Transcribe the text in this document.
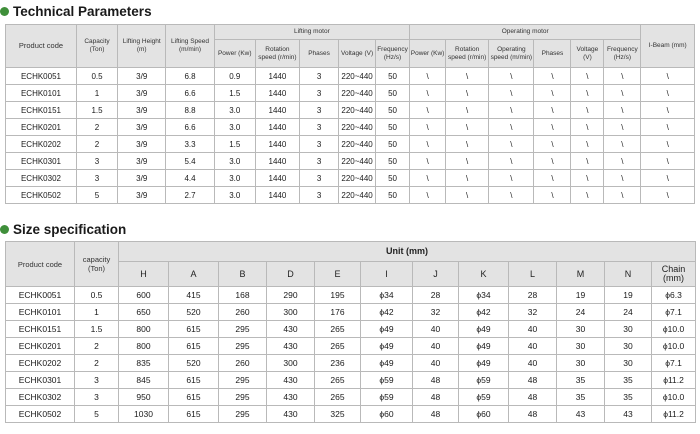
Technical Parameters
Product code	Capacity (Ton)	Lifting Height (m)	Lifting Speed (m/min)	Lifting motor					Operating motor						I-Beam (mm)
				Power (Kw)	Rotation speed (r/min)	Phases	Voltage (V)	Frequency (Hz/s)	Power (Kw)	Rotation speed (r/min)	Operating speed (m/min)	Phases	Voltage (V)	Frequency (Hz/s)	
ECHK0051	0.5	3/9	6.8	0.9	1440	3	220~440	50	\	\	\	\	\	\	\
ECHK0101	1	3/9	6.6	1.5	1440	3	220~440	50	\	\	\	\	\	\	\
ECHK0151	1.5	3/9	8.8	3.0	1440	3	220~440	50	\	\	\	\	\	\	\
ECHK0201	2	3/9	6.6	3.0	1440	3	220~440	50	\	\	\	\	\	\	\
ECHK0202	2	3/9	3.3	1.5	1440	3	220~440	50	\	\	\	\	\	\	\
ECHK0301	3	3/9	5.4	3.0	1440	3	220~440	50	\	\	\	\	\	\	\
ECHK0302	3	3/9	4.4	3.0	1440	3	220~440	50	\	\	\	\	\	\	\
ECHK0502	5	3/9	2.7	3.0	1440	3	220~440	50	\	\	\	\	\	\	\
Size specification
Product code	capacity (Ton)	Unit (mm)											
		H	A	B	D	E	I	J	K	L	M	N	Chain (mm)
ECHK0051	0.5	600	415	168	290	195	ϕ34	28	ϕ34	28	19	19	ϕ6.3
ECHK0101	1	650	520	260	300	176	ϕ42	32	ϕ42	32	24	24	ϕ7.1
ECHK0151	1.5	800	615	295	430	265	ϕ49	40	ϕ49	40	30	30	ϕ10.0
ECHK0201	2	800	615	295	430	265	ϕ49	40	ϕ49	40	30	30	ϕ10.0
ECHK0202	2	835	520	260	300	236	ϕ49	40	ϕ49	40	30	30	ϕ7.1
ECHK0301	3	845	615	295	430	265	ϕ59	48	ϕ59	48	35	35	ϕ11.2
ECHK0302	3	950	615	295	430	265	ϕ59	48	ϕ59	48	35	35	ϕ10.0
ECHK0502	5	1030	615	295	430	325	ϕ60	48	ϕ60	48	43	43	ϕ11.2
